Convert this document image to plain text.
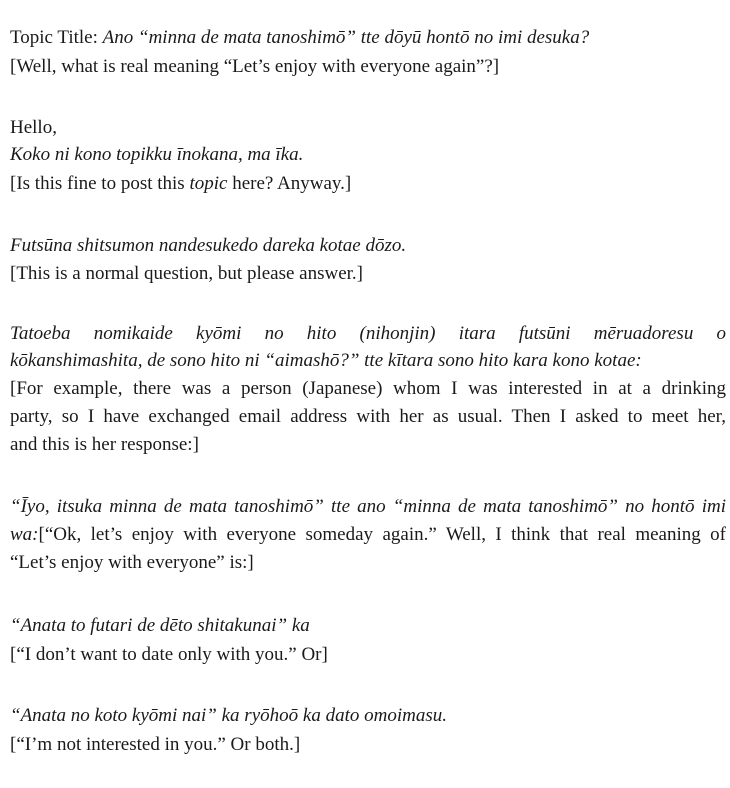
Topic Title: Ano “minna de mata tanoshimō” tte dōyū hontō no imi desuka?
[Well, what is real meaning “Let’s enjoy with everyone again”?]
Hello,
Koko ni kono topikku īnokana, ma īka.
[Is this fine to post this topic here? Anyway.]
Futsūna shitsumon nandesukedo dareka kotae dōzo.
[This is a normal question, but please answer.]
Tatoeba nomikaide kyōmi no hito (nihonjin) itara futsūni mēruadoresu o
kōkanshimashita, de sono hito ni “aimashō?” tte kītara sono hito kara kono kotae:
[For example, there was a person (Japanese) whom I was interested in at a drinking
party, so I have exchanged email address with her as usual. Then I asked to meet her,
and this is her response:]
“Īyo, itsuka minna de mata tanoshimō” tte ano “minna de mata tanoshimō” no hontō imi
wa:[“Ok, let’s enjoy with everyone someday again.” Well, I think that real meaning of
“Let’s enjoy with everyone” is:]
“Anata to futari de dēto shitakunai” ka
[“I don’t want to date only with you.” Or]
“Anata no koto kyōmi nai” ka ryōhoō ka dato omoimasu.
[“I’m not interested in you.” Or both.]
